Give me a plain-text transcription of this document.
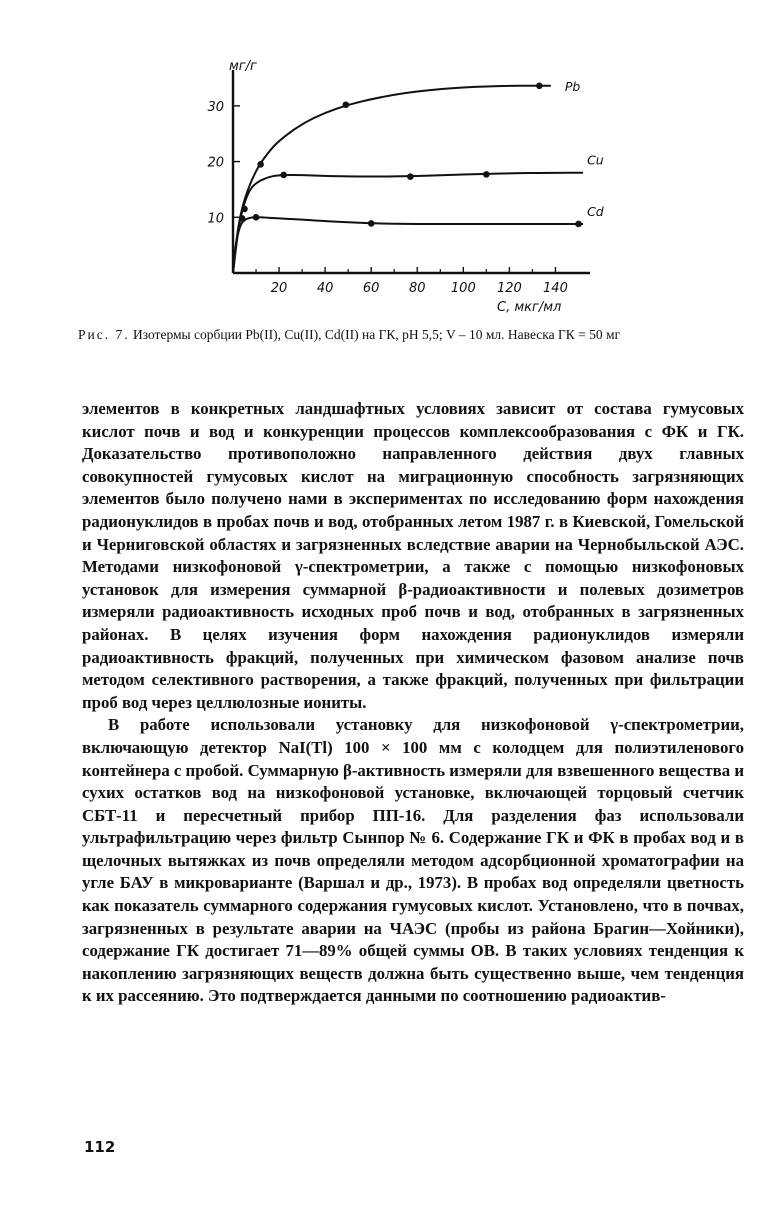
20 40 60 80 100 120 140
10
20
30
Pb
Cu
Cd
мг/г
C, мкг/мл

Рис. 7. Изотермы сорбции Pb(II), Cu(II), Cd(II) на ГК, рН 5,5; V – 10 мл. Навеска ГК = 50 мг

элементов в конкретных ландшафтных условиях зависит от состава гумусовых кислот почв и вод и конкуренции процессов комплексообразования с ФК и ГК. Доказательство противоположно направленного действия двух главных совокупностей гумусовых кислот на миграционную способность загрязняющих элементов было получено нами в экспериментах по исследованию форм нахождения радионуклидов в пробах почв и вод, отобранных летом 1987 г. в Киевской, Гомельской и Черниговской областях и загрязненных вследствие аварии на Чернобыльской АЭС. Методами низкофоновой γ-спектрометрии, а также с помощью низкофоновых установок для измерения суммарной β-радиоактивности и полевых дозиметров измеряли радиоактивность исходных проб почв и вод, отобранных в загрязненных районах. В целях изучения форм нахождения радионуклидов измеряли радиоактивность фракций, полученных при химическом фазовом анализе почв методом селективного растворения, а также фракций, полученных при фильтрации проб вод через целлюлозные иониты.

В работе использовали установку для низкофоновой γ-спектрометрии, включающую детектор NaI(Tl) 100 × 100 мм с колодцем для полиэтиленового контейнера с пробой. Суммарную β-активность измеряли для взвешенного вещества и сухих остатков вод на низкофоновой установке, включающей торцовый счетчик СБТ-11 и пересчетный прибор ПП-16. Для разделения фаз использовали ультрафильтрацию через фильтр Сынпор № 6. Содержание ГК и ФК в пробах вод и в щелочных вытяжках из почв определяли методом адсорбционной хроматографии на угле БАУ в микроварианте (Варшал и др., 1973). В пробах вод определяли цветность как показатель суммарного содержания гумусовых кислот. Установлено, что в почвах, загрязненных в результате аварии на ЧАЭС (пробы из района Брагин—Хойники), содержание ГК достигает 71—89% общей суммы ОВ. В таких условиях тенденция к накоплению загрязняющих веществ должна быть существенно выше, чем тенденция к их рассеянию. Это подтверждается данными по соотношению радиоактив-

112
